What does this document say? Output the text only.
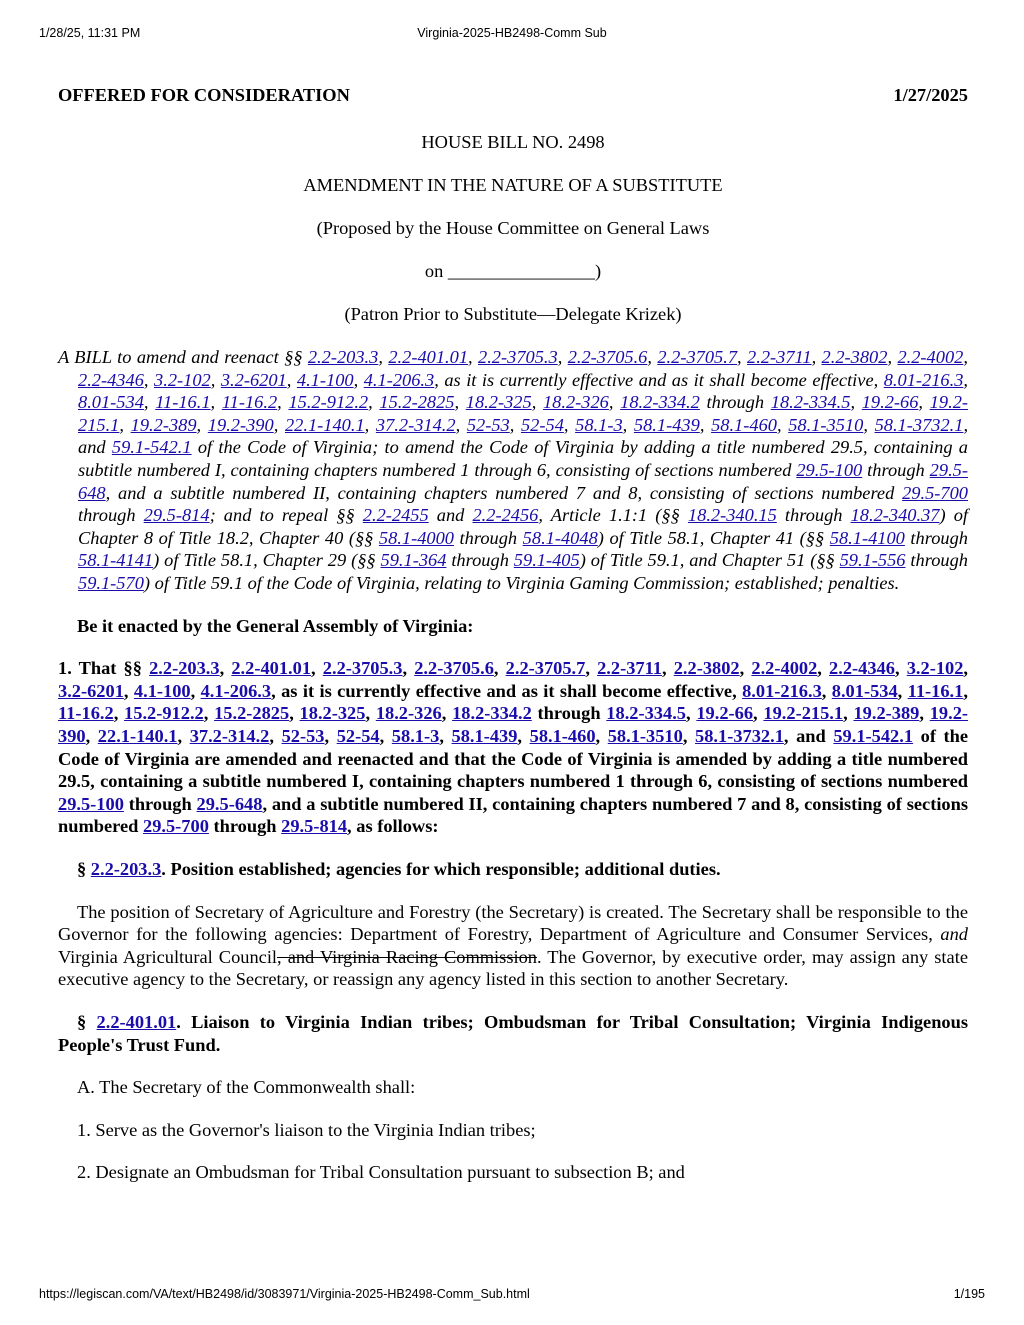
1/28/25, 11:31 PM	Virginia-2025-HB2498-Comm Sub
OFFERED FOR CONSIDERATION	1/27/2025

HOUSE BILL NO. 2498

AMENDMENT IN THE NATURE OF A SUBSTITUTE

(Proposed by the House Committee on General Laws

on ________________)

(Patron Prior to Substitute—Delegate Krizek)

A BILL to amend and reenact §§ 2.2-203.3, 2.2-401.01, 2.2-3705.3, 2.2-3705.6, 2.2-3705.7, 2.2-3711, 2.2-3802, 2.2-4002, 2.2-4346, 3.2-102, 3.2-6201, 4.1-100, 4.1-206.3, as it is currently effective and as it shall become effective, 8.01-216.3, 8.01-534, 11-16.1, 11-16.2, 15.2-912.2, 15.2-2825, 18.2-325, 18.2-326, 18.2-334.2 through 18.2-334.5, 19.2-66, 19.2-215.1, 19.2-389, 19.2-390, 22.1-140.1, 37.2-314.2, 52-53, 52-54, 58.1-3, 58.1-439, 58.1-460, 58.1-3510, 58.1-3732.1, and 59.1-542.1 of the Code of Virginia; to amend the Code of Virginia by adding a title numbered 29.5, containing a subtitle numbered I, containing chapters numbered 1 through 6, consisting of sections numbered 29.5-100 through 29.5-648, and a subtitle numbered II, containing chapters numbered 7 and 8, consisting of sections numbered 29.5-700 through 29.5-814; and to repeal §§ 2.2-2455 and 2.2-2456, Article 1.1:1 (§§ 18.2-340.15 through 18.2-340.37) of Chapter 8 of Title 18.2, Chapter 40 (§§ 58.1-4000 through 58.1-4048) of Title 58.1, Chapter 41 (§§ 58.1-4100 through 58.1-4141) of Title 58.1, Chapter 29 (§§ 59.1-364 through 59.1-405) of Title 59.1, and Chapter 51 (§§ 59.1-556 through 59.1-570) of Title 59.1 of the Code of Virginia, relating to Virginia Gaming Commission; established; penalties.

Be it enacted by the General Assembly of Virginia:

1. That §§ 2.2-203.3, 2.2-401.01, 2.2-3705.3, 2.2-3705.6, 2.2-3705.7, 2.2-3711, 2.2-3802, 2.2-4002, 2.2-4346, 3.2-102, 3.2-6201, 4.1-100, 4.1-206.3, as it is currently effective and as it shall become effective, 8.01-216.3, 8.01-534, 11-16.1, 11-16.2, 15.2-912.2, 15.2-2825, 18.2-325, 18.2-326, 18.2-334.2 through 18.2-334.5, 19.2-66, 19.2-215.1, 19.2-389, 19.2-390, 22.1-140.1, 37.2-314.2, 52-53, 52-54, 58.1-3, 58.1-439, 58.1-460, 58.1-3510, 58.1-3732.1, and 59.1-542.1 of the Code of Virginia are amended and reenacted and that the Code of Virginia is amended by adding a title numbered 29.5, containing a subtitle numbered I, containing chapters numbered 1 through 6, consisting of sections numbered 29.5-100 through 29.5-648, and a subtitle numbered II, containing chapters numbered 7 and 8, consisting of sections numbered 29.5-700 through 29.5-814, as follows:

§ 2.2-203.3. Position established; agencies for which responsible; additional duties.

The position of Secretary of Agriculture and Forestry (the Secretary) is created. The Secretary shall be responsible to the Governor for the following agencies: Department of Forestry, Department of Agriculture and Consumer Services, and Virginia Agricultural Council, and Virginia Racing Commission. The Governor, by executive order, may assign any state executive agency to the Secretary, or reassign any agency listed in this section to another Secretary.

§ 2.2-401.01. Liaison to Virginia Indian tribes; Ombudsman for Tribal Consultation; Virginia Indigenous People's Trust Fund.

A. The Secretary of the Commonwealth shall:

1. Serve as the Governor's liaison to the Virginia Indian tribes;

2. Designate an Ombudsman for Tribal Consultation pursuant to subsection B; and

https://legiscan.com/VA/text/HB2498/id/3083971/Virginia-2025-HB2498-Comm_Sub.html	1/195
